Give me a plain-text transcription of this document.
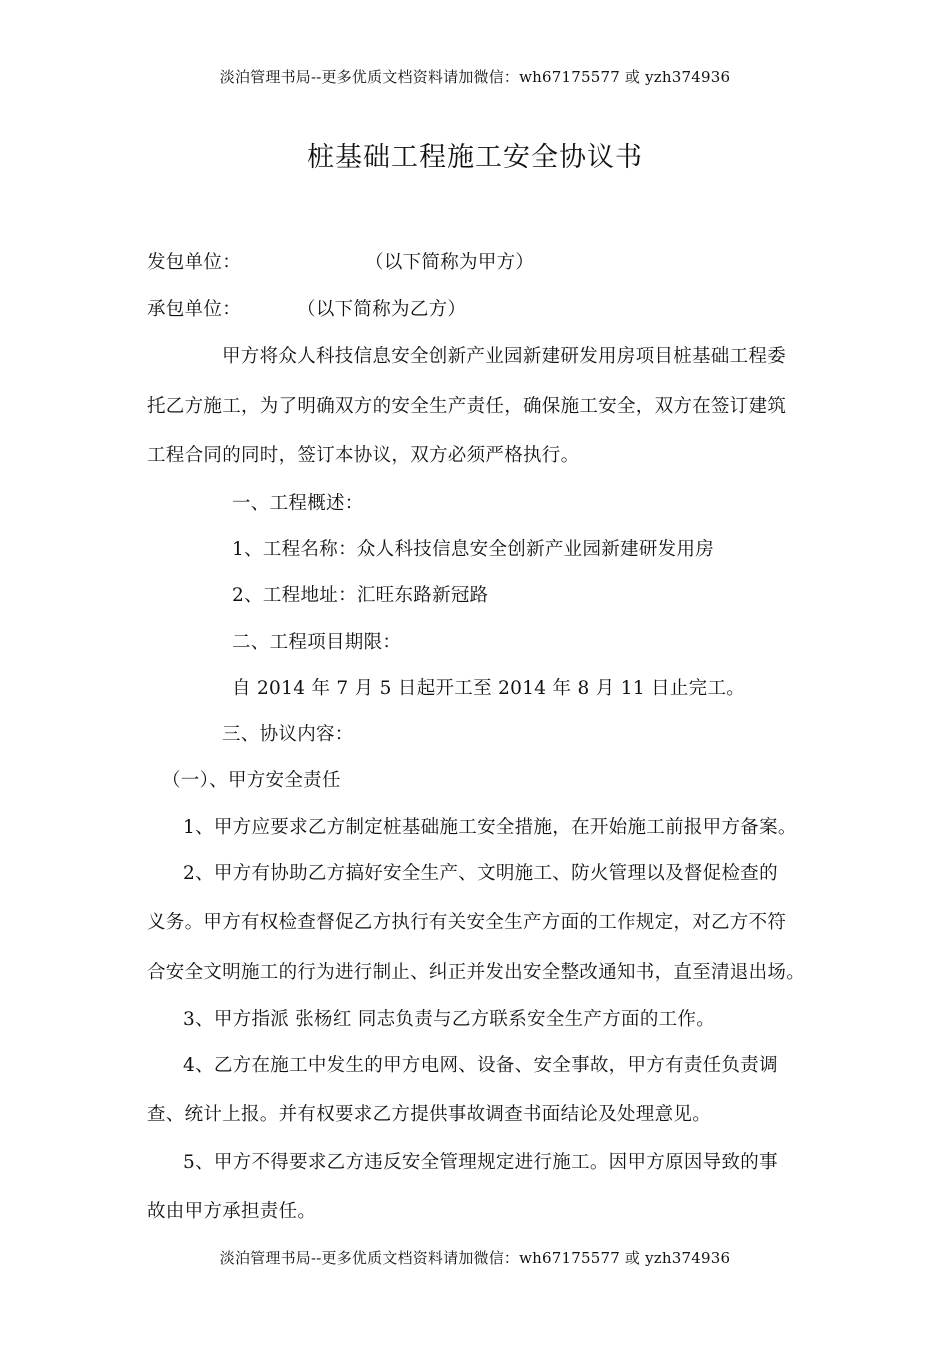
淡泊管理书局--更多优质文档资料请加微信：wh67175577 或 yzh374936
桩基础工程施工安全协议书
发包单位：	（以下简称为甲方）
承包单位：	（以下简称为乙方）
甲方将众人科技信息安全创新产业园新建研发用房项目桩基础工程委
托乙方施工，为了明确双方的安全生产责任，确保施工安全，双方在签订建筑
工程合同的同时，签订本协议，双方必须严格执行。
一、工程概述：
1、工程名称：众人科技信息安全创新产业园新建研发用房
2、工程地址：汇旺东路新冠路
二、工程项目期限：
自 2014 年 7 月 5 日起开工至 2014 年 8 月 11 日止完工。
三、协议内容：
（一）、甲方安全责任
1、甲方应要求乙方制定桩基础施工安全措施，在开始施工前报甲方备案。
2、甲方有协助乙方搞好安全生产、文明施工、防火管理以及督促检查的
义务。甲方有权检查督促乙方执行有关安全生产方面的工作规定，对乙方不符
合安全文明施工的行为进行制止、纠正并发出安全整改通知书，直至清退出场。
3、甲方指派 张杨红 同志负责与乙方联系安全生产方面的工作。
4、乙方在施工中发生的甲方电网、设备、安全事故，甲方有责任负责调
查、统计上报。并有权要求乙方提供事故调查书面结论及处理意见。
5、甲方不得要求乙方违反安全管理规定进行施工。因甲方原因导致的事
故由甲方承担责任。
淡泊管理书局--更多优质文档资料请加微信：wh67175577 或 yzh374936
